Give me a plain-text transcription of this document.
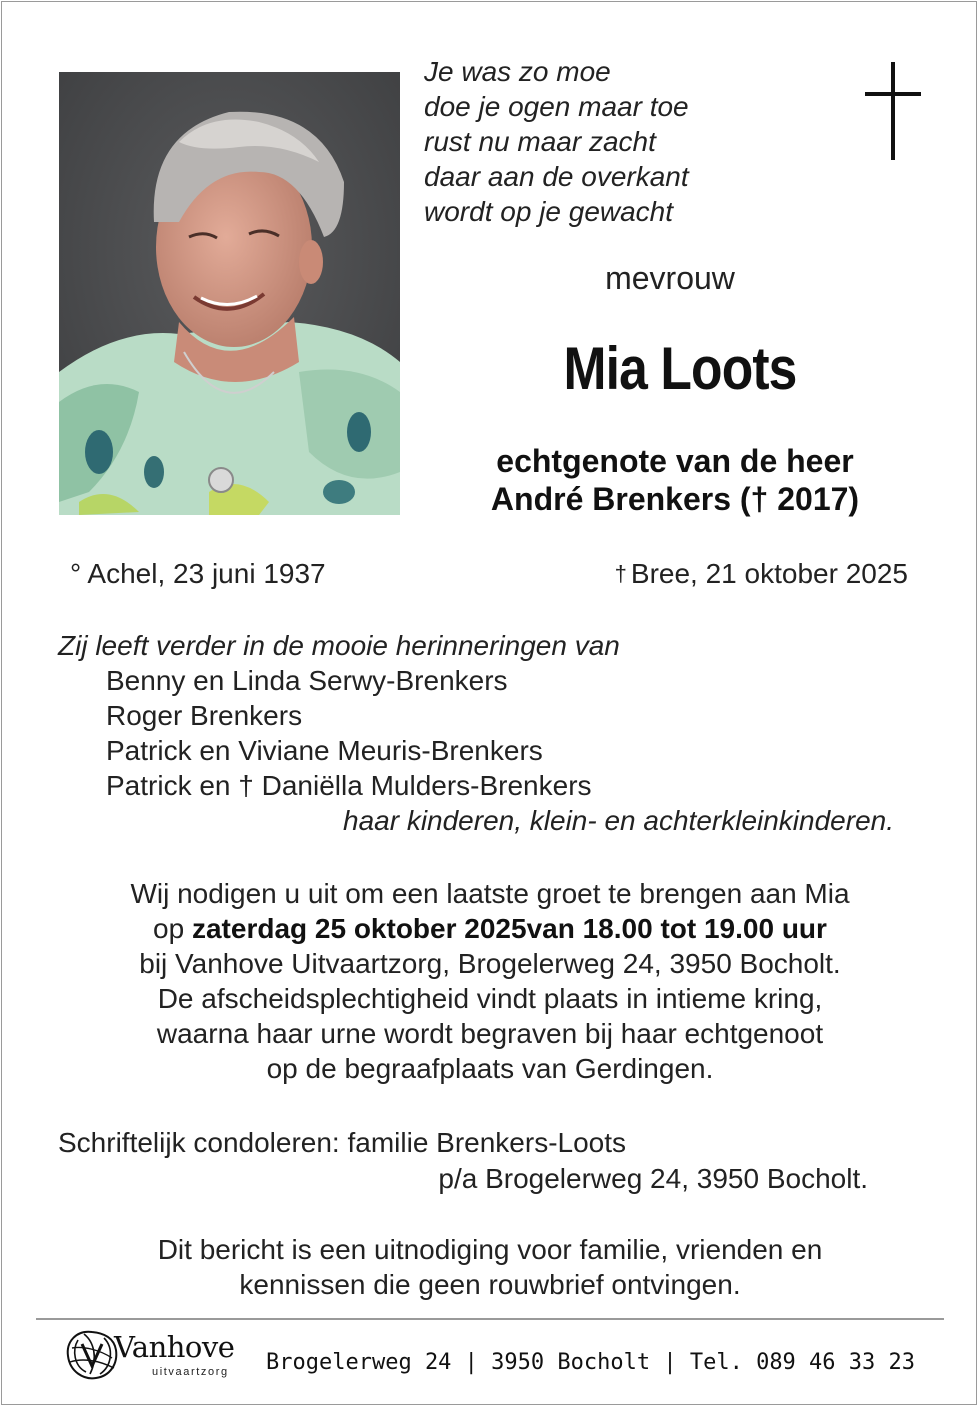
Je was zo moe
doe je ogen maar toe
rust nu maar zacht
daar aan de overkant
wordt op je gewacht
mevrouw
Mia Loots
echtgenote van de heer
André Brenkers († 2017)
° Achel, 23 juni 1937	† Bree, 21 oktober 2025
Zij leeft verder in de mooie herinneringen van
Benny en Linda Serwy-Brenkers
Roger Brenkers
Patrick en Viviane Meuris-Brenkers
Patrick en † Daniëlla Mulders-Brenkers
haar kinderen, klein- en achterkleinkinderen.
Wij nodigen u uit om een laatste groet te brengen aan Mia
op zaterdag 25 oktober 2025van 18.00 tot 19.00 uur
bij Vanhove Uitvaartzorg, Brogelerweg 24, 3950 Bocholt.
De afscheidsplechtigheid vindt plaats in intieme kring,
waarna haar urne wordt begraven bij haar echtgenoot
op de begraafplaats van Gerdingen.
Schriftelijk condoleren: familie Brenkers-Loots
p/a Brogelerweg 24, 3950 Bocholt.
Dit bericht is een uitnodiging voor familie, vrienden en
kennissen die geen rouwbrief ontvingen.
Vanhove
uitvaartzorg Brogelerweg 24 | 3950 Bocholt | Tel. 089 46 33 23
